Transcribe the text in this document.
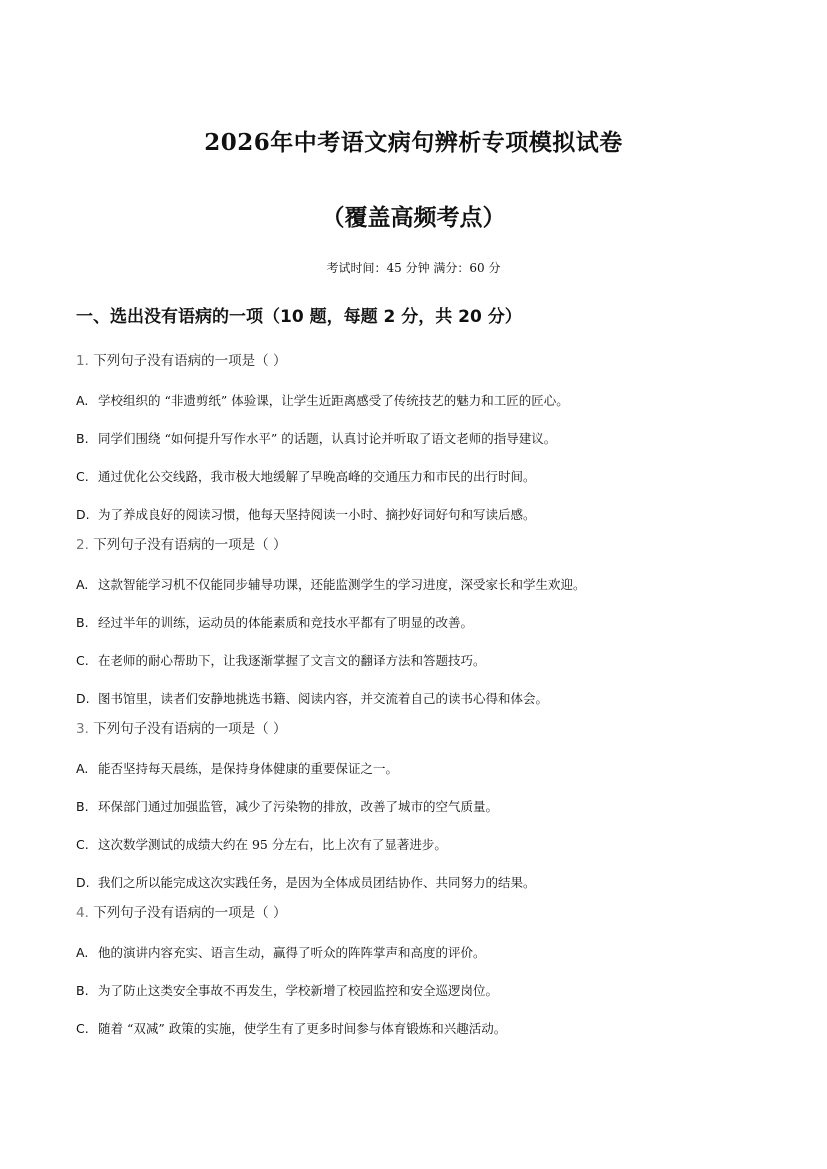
2026年中考语文病句辨析专项模拟试卷
（覆盖高频考点）
考试时间：45 分钟 满分：60 分
一、选出没有语病的一项（10 题，每题 2 分，共 20 分）
1. 下列句子没有语病的一项是（ ）
A. 学校组织的 “非遗剪纸” 体验课，让学生近距离感受了传统技艺的魅力和工匠的匠心。
B. 同学们围绕 “如何提升写作水平” 的话题，认真讨论并听取了语文老师的指导建议。
C. 通过优化公交线路，我市极大地缓解了早晚高峰的交通压力和市民的出行时间。
D. 为了养成良好的阅读习惯，他每天坚持阅读一小时、摘抄好词好句和写读后感。
2. 下列句子没有语病的一项是（ ）
A. 这款智能学习机不仅能同步辅导功课，还能监测学生的学习进度，深受家长和学生欢迎。
B. 经过半年的训练，运动员的体能素质和竞技水平都有了明显的改善。
C. 在老师的耐心帮助下，让我逐渐掌握了文言文的翻译方法和答题技巧。
D. 图书馆里，读者们安静地挑选书籍、阅读内容，并交流着自己的读书心得和体会。
3. 下列句子没有语病的一项是（ ）
A. 能否坚持每天晨练，是保持身体健康的重要保证之一。
B. 环保部门通过加强监管，减少了污染物的排放，改善了城市的空气质量。
C. 这次数学测试的成绩大约在 95 分左右，比上次有了显著进步。
D. 我们之所以能完成这次实践任务，是因为全体成员团结协作、共同努力的结果。
4. 下列句子没有语病的一项是（ ）
A. 他的演讲内容充实、语言生动，赢得了听众的阵阵掌声和高度的评价。
B. 为了防止这类安全事故不再发生，学校新增了校园监控和安全巡逻岗位。
C. 随着 “双减” 政策的实施，使学生有了更多时间参与体育锻炼和兴趣活动。
